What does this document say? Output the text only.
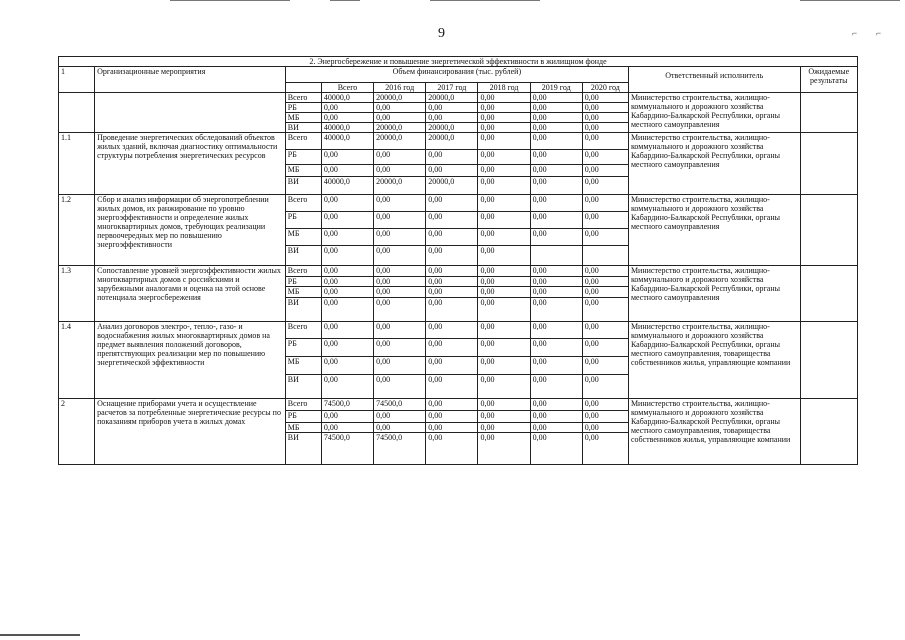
⌐ ⌐
9
2. Энергосбережение и повышение энергетической эффективности в жилищном фонде										
1	Организационные мероприятия	Объем финансирования (тыс. рублей)							Ответственный исполнитель	Ожидаемые результаты
			Всего	2016 год	2017 год	2018 год	2019 год	2020 год		
		Всего	40000,0	20000,0	20000,0	0,00	0,00	0,00	Министерство строительства, жилищно-коммунального и дорожного хозяйства Кабардино-Балкарской Республики, органы местного самоуправления	
		РБ	0,00	0,00	0,00	0,00	0,00	0,00		
		МБ	0,00	0,00	0,00	0,00	0,00	0,00		
		ВИ	40000,0	20000,0	20000,0	0,00	0,00	0,00		
1.1	Проведение энергетических обследований объектов жилых зданий, включая диагностику оптимальности структуры потребления энергетических ресурсов	Всего	40000,0	20000,0	20000,0	0,00	0,00	0,00	Министерство строительства, жилищно-коммунального и дорожного хозяйства Кабардино-Балкарской Республики, органы местного самоуправления	
		РБ	0,00	0,00	0,00	0,00	0,00	0,00		
		МБ	0,00	0,00	0,00	0,00	0,00	0,00		
		ВИ	40000,0	20000,0	20000,0	0,00	0,00	0,00		
1.2	Сбор и анализ информации об энергопотреблении жилых домов, их ранжирование по уровню энергоэффективности и определение жилых многоквартирных домов, требующих реализации первоочередных мер по повышению энергоэффективности	Всего	0,00	0,00	0,00	0,00	0,00	0,00	Министерство строительства, жилищно-коммунального и дорожного хозяйства Кабардино-Балкарской Республики, органы местного самоуправления	
		РБ	0,00	0,00	0,00	0,00	0,00	0,00		
		МБ	0,00	0,00	0,00	0,00	0,00	0,00		
		ВИ	0,00	0,00	0,00	0,00				
1.3	Сопоставление уровней энергоэффективности жилых многоквартирных домов с российскими и зарубежными аналогами и оценка на этой основе потенциала энергосбережения	Всего	0,00	0,00	0,00	0,00	0,00	0,00	Министерство строительства, жилищно-коммунального и дорожного хозяйства Кабардино-Балкарской Республики, органы местного самоуправления	
		РБ	0,00	0,00	0,00	0,00	0,00	0,00		
		МБ	0,00	0,00	0,00	0,00	0,00	0,00		
		ВИ	0,00	0,00	0,00	0,00	0,00	0,00		
1.4	Анализ договоров электро-, тепло-, газо- и водоснабжения жилых многоквартирных домов на предмет выявления положений договоров, препятствующих реализации мер по повышению энергетической эффективности	Всего	0,00	0,00	0,00	0,00	0,00	0,00	Министерство строительства, жилищно-коммунального и дорожного хозяйства Кабардино-Балкарской Республики, органы местного самоуправления, товарищества собственников жилья, управляющие компании	
		РБ	0,00	0,00	0,00	0,00	0,00	0,00		
		МБ	0,00	0,00	0,00	0,00	0,00	0,00		
		ВИ	0,00	0,00	0,00	0,00	0,00	0,00		
2	Оснащение приборами учета и осуществление расчетов за потребленные энергетические ресурсы по показаниям приборов учета в жилых домах	Всего	74500,0	74500,0	0,00	0,00	0,00	0,00	Министерство строительства, жилищно-коммунального и дорожного хозяйства Кабардино-Балкарской Республики, органы местного самоуправления, товарищества собственников жилья, управляющие компании	
		РБ	0,00	0,00	0,00	0,00	0,00	0,00		
		МБ	0,00	0,00	0,00	0,00	0,00	0,00		
		ВИ	74500,0	74500,0	0,00	0,00	0,00	0,00		
